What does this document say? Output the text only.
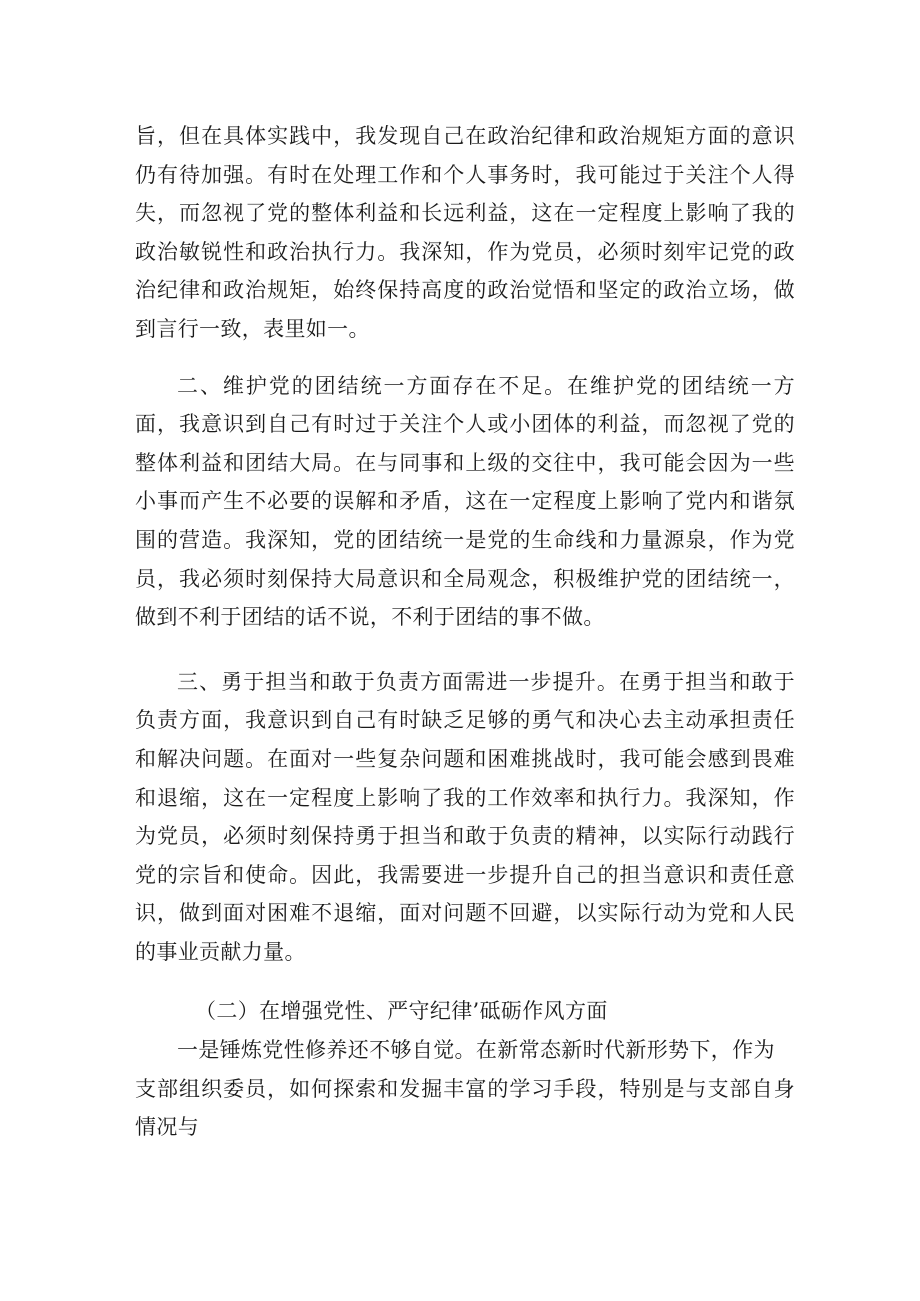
旨，但在具体实践中，我发现自己在政治纪律和政治规矩方面的意识仍有待加强。有时在处理工作和个人事务时，我可能过于关注个人得失，而忽视了党的整体利益和长远利益，这在一定程度上影响了我的政治敏锐性和政治执行力。我深知，作为党员，必须时刻牢记党的政治纪律和政治规矩，始终保持高度的政治觉悟和坚定的政治立场，做到言行一致，表里如一。

二、维护党的团结统一方面存在不足。在维护党的团结统一方面，我意识到自己有时过于关注个人或小团体的利益，而忽视了党的整体利益和团结大局。在与同事和上级的交往中，我可能会因为一些小事而产生不必要的误解和矛盾，这在一定程度上影响了党内和谐氛围的营造。我深知，党的团结统一是党的生命线和力量源泉，作为党员，我必须时刻保持大局意识和全局观念，积极维护党的团结统一，做到不利于团结的话不说，不利于团结的事不做。

三、勇于担当和敢于负责方面需进一步提升。在勇于担当和敢于负责方面，我意识到自己有时缺乏足够的勇气和决心去主动承担责任和解决问题。在面对一些复杂问题和困难挑战时，我可能会感到畏难和退缩，这在一定程度上影响了我的工作效率和执行力。我深知，作为党员，必须时刻保持勇于担当和敢于负责的精神，以实际行动践行党的宗旨和使命。因此，我需要进一步提升自己的担当意识和责任意识，做到面对困难不退缩，面对问题不回避，以实际行动为党和人民的事业贡献力量。

（二）在增强党性、严守纪律’砥砺作风方面

一是锤炼党性修养还不够自觉。在新常态新时代新形势下，作为

支部组织委员，如何探索和发掘丰富的学习手段，特别是与支部自身情况与
